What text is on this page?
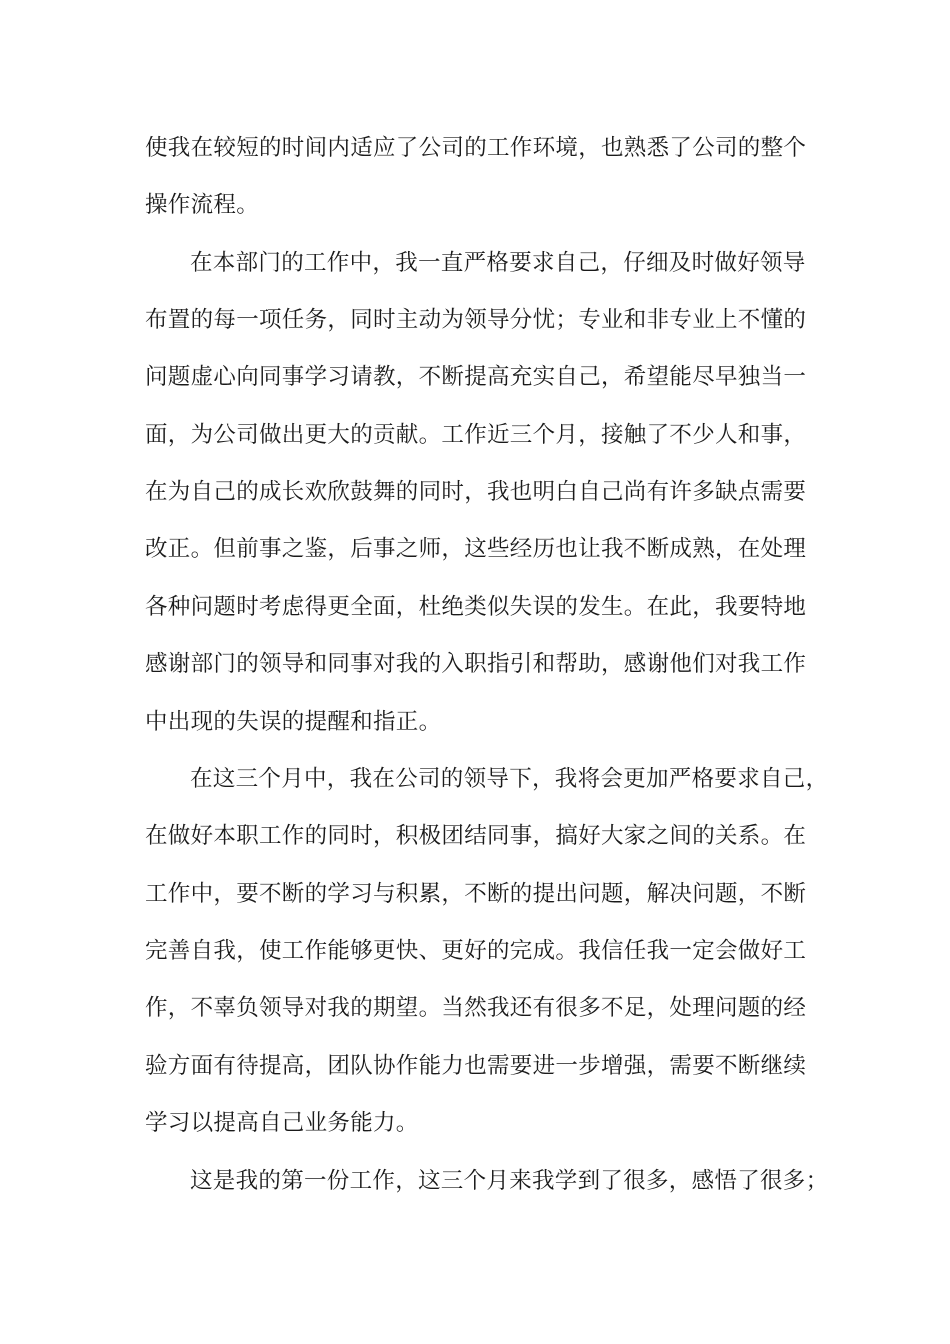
使我在较短的时间内适应了公司的工作环境，也熟悉了公司的整个
操作流程。
在本部门的工作中，我一直严格要求自己，仔细及时做好领导
布置的每一项任务，同时主动为领导分忧；专业和非专业上不懂的
问题虚心向同事学习请教，不断提高充实自己，希望能尽早独当一
面，为公司做出更大的贡献。工作近三个月，接触了不少人和事，
在为自己的成长欢欣鼓舞的同时，我也明白自己尚有许多缺点需要
改正。但前事之鉴，后事之师，这些经历也让我不断成熟，在处理
各种问题时考虑得更全面，杜绝类似失误的发生。在此，我要特地
感谢部门的领导和同事对我的入职指引和帮助，感谢他们对我工作
中出现的失误的提醒和指正。
在这三个月中，我在公司的领导下，我将会更加严格要求自己，
在做好本职工作的同时，积极团结同事，搞好大家之间的关系。在
工作中，要不断的学习与积累，不断的提出问题，解决问题，不断
完善自我，使工作能够更快、更好的完成。我信任我一定会做好工
作，不辜负领导对我的期望。当然我还有很多不足，处理问题的经
验方面有待提高，团队协作能力也需要进一步增强，需要不断继续
学习以提高自己业务能力。
这是我的第一份工作，这三个月来我学到了很多，感悟了很多；
